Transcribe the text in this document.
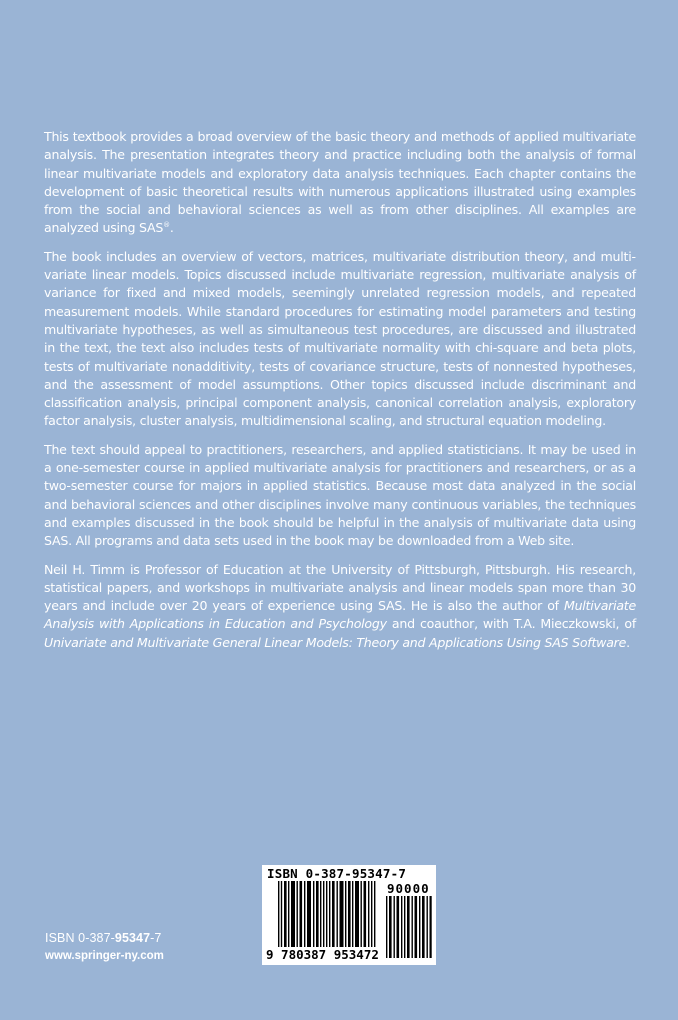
This textbook provides a broad overview of the basic theory and methods of applied multivariate analysis. The presentation integrates theory and practice including both the analysis of formal linear multivariate models and exploratory data analysis techniques. Each chapter contains the development of basic theoretical results with numerous applications illustrated using examples from the social and behavioral sciences as well as from other disciplines. All examples are analyzed using SAS®.

The book includes an overview of vectors, matrices, multivariate distribution theory, and multivariate linear models. Topics discussed include multivariate regression, multivariate analysis of variance for fixed and mixed models, seemingly unrelated regression models, and repeated measurement models. While standard procedures for estimating model parameters and testing multivariate hypotheses, as well as simultaneous test procedures, are discussed and illustrated in the text, the text also includes tests of multivariate normality with chi-square and beta plots, tests of multivariate nonadditivity, tests of covariance structure, tests of nonnested hypotheses, and the assessment of model assumptions. Other topics discussed include discriminant and classification analysis, principal component analysis, canonical correlation analysis, exploratory factor analysis, cluster analysis, multidimensional scaling, and structural equation modeling.

The text should appeal to practitioners, researchers, and applied statisticians. It may be used in a one-semester course in applied multivariate analysis for practitioners and researchers, or as a two-semester course for majors in applied statistics. Because most data analyzed in the social and behavioral sciences and other disciplines involve many continuous variables, the techniques and examples discussed in the book should be helpful in the analysis of multivariate data using SAS. All programs and data sets used in the book may be downloaded from a Web site.

Neil H. Timm is Professor of Education at the University of Pittsburgh, Pittsburgh. His research, statistical papers, and workshops in multivariate analysis and linear models span more than 30 years and include over 20 years of experience using SAS. He is also the author of Multivariate Analysis with Applications in Education and Psychology and coauthor, with T.A. Mieczkowski, of Univariate and Multivariate General Linear Models: Theory and Applications Using SAS Software.

ISBN 0-387-95347-7
90000
9 780387 953472
ISBN 0-387-95347-7
www.springer-ny.com
